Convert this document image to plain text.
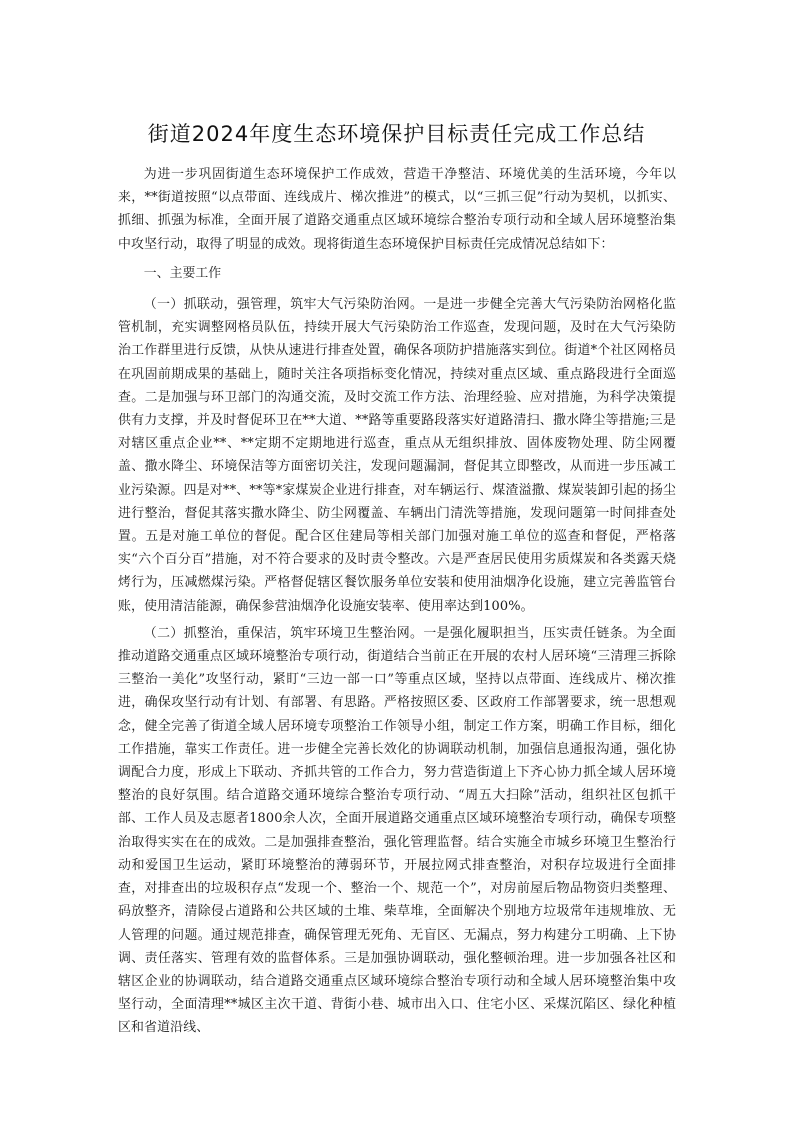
街道2024年度生态环境保护目标责任完成工作总结

为进一步巩固街道生态环境保护工作成效，营造干净整洁、环境优美的生活环境，今年以来，**街道按照“以点带面、连线成片、梯次推进”的模式，以“三抓三促”行动为契机，以抓实、抓细、抓强为标准，全面开展了道路交通重点区域环境综合整治专项行动和全域人居环境整治集中攻坚行动，取得了明显的成效。现将街道生态环境保护目标责任完成情况总结如下：

一、主要工作

（一）抓联动，强管理，筑牢大气污染防治网。一是进一步健全完善大气污染防治网格化监管机制，充实调整网格员队伍，持续开展大气污染防治工作巡查，发现问题，及时在大气污染防治工作群里进行反馈，从快从速进行排查处置，确保各项防护措施落实到位。街道*个社区网格员在巩固前期成果的基础上，随时关注各项指标变化情况，持续对重点区域、重点路段进行全面巡查。二是加强与环卫部门的沟通交流，及时交流工作方法、治理经验、应对措施，为科学决策提供有力支撑，并及时督促环卫在**大道、**路等重要路段落实好道路清扫、撒水降尘等措施;三是对辖区重点企业**、**定期不定期地进行巡查，重点从无组织排放、固体废物处理、防尘网覆盖、撒水降尘、环境保洁等方面密切关注，发现问题漏洞，督促其立即整改，从而进一步压减工业污染源。四是对**、**等*家煤炭企业进行排查，对车辆运行、煤渣溢撒、煤炭装卸引起的扬尘进行整治，督促其落实撒水降尘、防尘网覆盖、车辆出门清洗等措施，发现问题第一时间排查处置。五是对施工单位的督促。配合区住建局等相关部门加强对施工单位的巡查和督促，严格落实“六个百分百”措施，对不符合要求的及时责令整改。六是严查居民使用劣质煤炭和各类露天烧烤行为，压减燃煤污染。严格督促辖区餐饮服务单位安装和使用油烟净化设施，建立完善监管台账，使用清洁能源，确保参营油烟净化设施安装率、使用率达到100%。

（二）抓整治，重保洁，筑牢环境卫生整治网。一是强化履职担当，压实责任链条。为全面推动道路交通重点区域环境整治专项行动，街道结合当前正在开展的农村人居环境“三清理三拆除三整治一美化”攻坚行动，紧盯“三边一部一口”等重点区域，坚持以点带面、连线成片、梯次推进，确保攻坚行动有计划、有部署、有思路。严格按照区委、区政府工作部署要求，统一思想观念，健全完善了街道全域人居环境专项整治工作领导小组，制定工作方案，明确工作目标，细化工作措施，靠实工作责任。进一步健全完善长效化的协调联动机制，加强信息通报沟通，强化协调配合力度，形成上下联动、齐抓共管的工作合力，努力营造街道上下齐心协力抓全域人居环境整治的良好氛围。结合道路交通环境综合整治专项行动、“周五大扫除”活动，组织社区包抓干部、工作人员及志愿者1800余人次，全面开展道路交通重点区域环境整治专项行动，确保专项整治取得实实在在的成效。二是加强排查整治，强化管理监督。结合实施全市城乡环境卫生整治行动和爱国卫生运动，紧盯环境整治的薄弱环节，开展拉网式排查整治，对积存垃圾进行全面排查，对排查出的垃圾积存点“发现一个、整治一个、规范一个”，对房前屋后物品物资归类整理、码放整齐，清除侵占道路和公共区域的土堆、柴草堆，全面解决个别地方垃圾常年违规堆放、无人管理的问题。通过规范排查，确保管理无死角、无盲区、无漏点，努力构建分工明确、上下协调、责任落实、管理有效的监督体系。三是加强协调联动，强化整顿治理。进一步加强各社区和辖区企业的协调联动，结合道路交通重点区域环境综合整治专项行动和全域人居环境整治集中攻坚行动，全面清理**城区主次干道、背街小巷、城市出入口、住宅小区、采煤沉陷区、绿化种植区和省道沿线、
